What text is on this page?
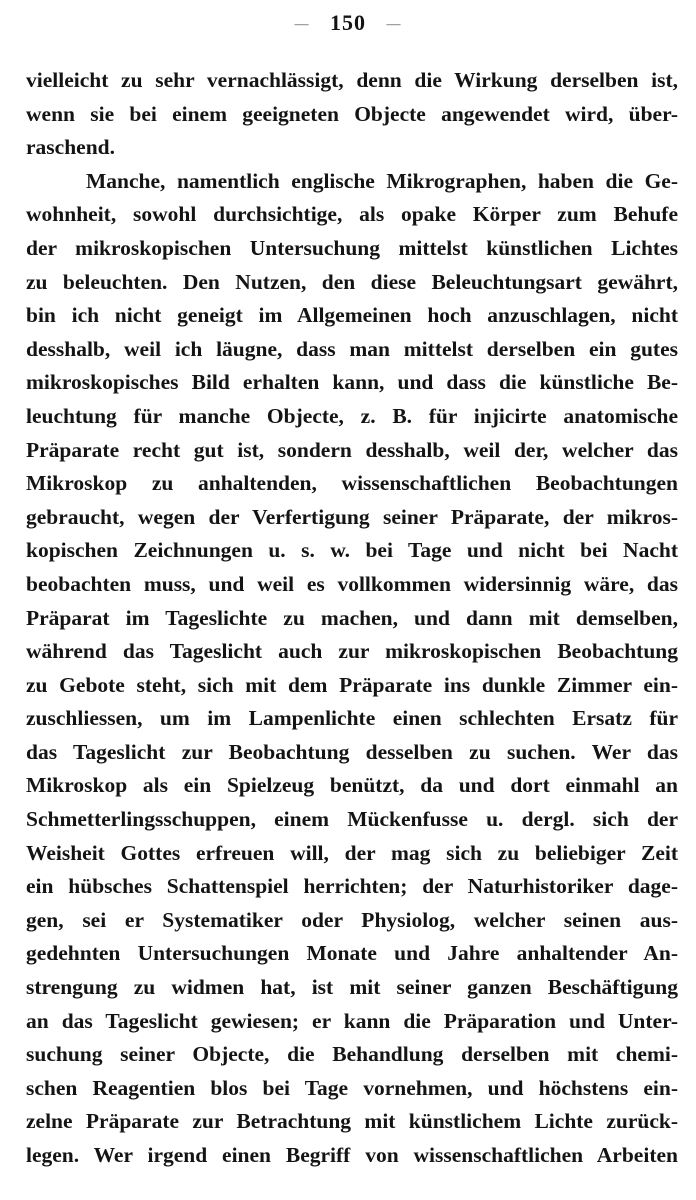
— 150 —
vielleicht zu sehr vernachlässigt, denn die Wirkung derselben ist,
wenn sie bei einem geeigneten Objecte angewendet wird, über-
raschend.
Manche, namentlich englische Mikrographen, haben die Ge-
wohnheit, sowohl durchsichtige, als opake Körper zum Behufe
der mikroskopischen Untersuchung mittelst künstlichen Lichtes
zu beleuchten. Den Nutzen, den diese Beleuchtungsart gewährt,
bin ich nicht geneigt im Allgemeinen hoch anzuschlagen, nicht
desshalb, weil ich läugne, dass man mittelst derselben ein gutes
mikroskopisches Bild erhalten kann, und dass die künstliche Be-
leuchtung für manche Objecte, z. B. für injicirte anatomische
Präparate recht gut ist, sondern desshalb, weil der, welcher das
Mikroskop zu anhaltenden, wissenschaftlichen Beobachtungen
gebraucht, wegen der Verfertigung seiner Präparate, der mikros-
kopischen Zeichnungen u. s. w. bei Tage und nicht bei Nacht
beobachten muss, und weil es vollkommen widersinnig wäre, das
Präparat im Tageslichte zu machen, und dann mit demselben,
während das Tageslicht auch zur mikroskopischen Beobachtung
zu Gebote steht, sich mit dem Präparate ins dunkle Zimmer ein-
zuschliessen, um im Lampenlichte einen schlechten Ersatz für
das Tageslicht zur Beobachtung desselben zu suchen. Wer das
Mikroskop als ein Spielzeug benützt, da und dort einmahl an
Schmetterlingsschuppen, einem Mückenfusse u. dergl. sich der
Weisheit Gottes erfreuen will, der mag sich zu beliebiger Zeit
ein hübsches Schattenspiel herrichten; der Naturhistoriker dage-
gen, sei er Systematiker oder Physiolog, welcher seinen aus-
gedehnten Untersuchungen Monate und Jahre anhaltender An-
strengung zu widmen hat, ist mit seiner ganzen Beschäftigung
an das Tageslicht gewiesen; er kann die Präparation und Unter-
suchung seiner Objecte, die Behandlung derselben mit chemi-
schen Reagentien blos bei Tage vornehmen, und höchstens ein-
zelne Präparate zur Betrachtung mit künstlichem Lichte zurück-
legen. Wer irgend einen Begriff von wissenschaftlichen Arbeiten
